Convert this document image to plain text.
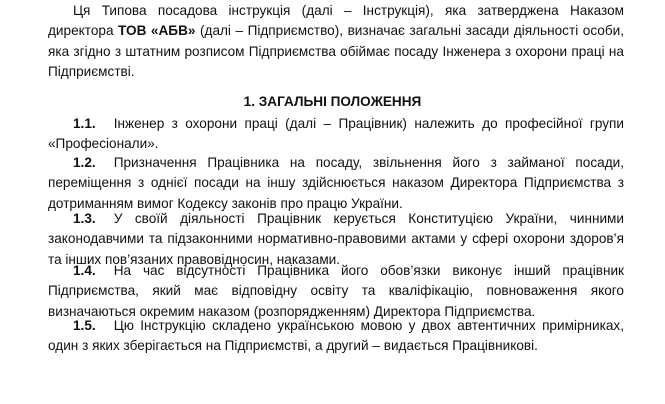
Ця Типова посадова інструкція (далі – Інструкція), яка затверджена Наказом
директора ТОВ «АБВ» (далі – Підприємство), визначає загальні засади діяльності особи,
яка згідно з штатним розписом Підприємства обіймає посаду Інженера з охорони праці на
Підприємстві.

1. ЗАГАЛЬНІ ПОЛОЖЕННЯ

1.1. Інженер з охорони праці (далі – Працівник) належить до професійної групи
«Професіонали».

1.2. Призначення Працівника на посаду, звільнення його з займаної посади,
переміщення з однієї посади на іншу здійснюється наказом Директора Підприємства з
дотриманням вимог Кодексу законів про працю України.

1.3. У своїй діяльності Працівник керується Конституцією України, чинними
законодавчими та підзаконними нормативно-правовими актами у сфері охорони здоров’я
та інших пов’язаних правовідносин, наказами.

1.4. На час відсутності Працівника його обов’язки виконує інший працівник
Підприємства, який має відповідну освіту та кваліфікацію, повноваження якого
визначаються окремим наказом (розпорядженням) Директора Підприємства.

1.5. Цю Інструкцію складено українською мовою у двох автентичних примірниках,
один з яких зберігається на Підприємстві, а другий – видається Працівникові.
